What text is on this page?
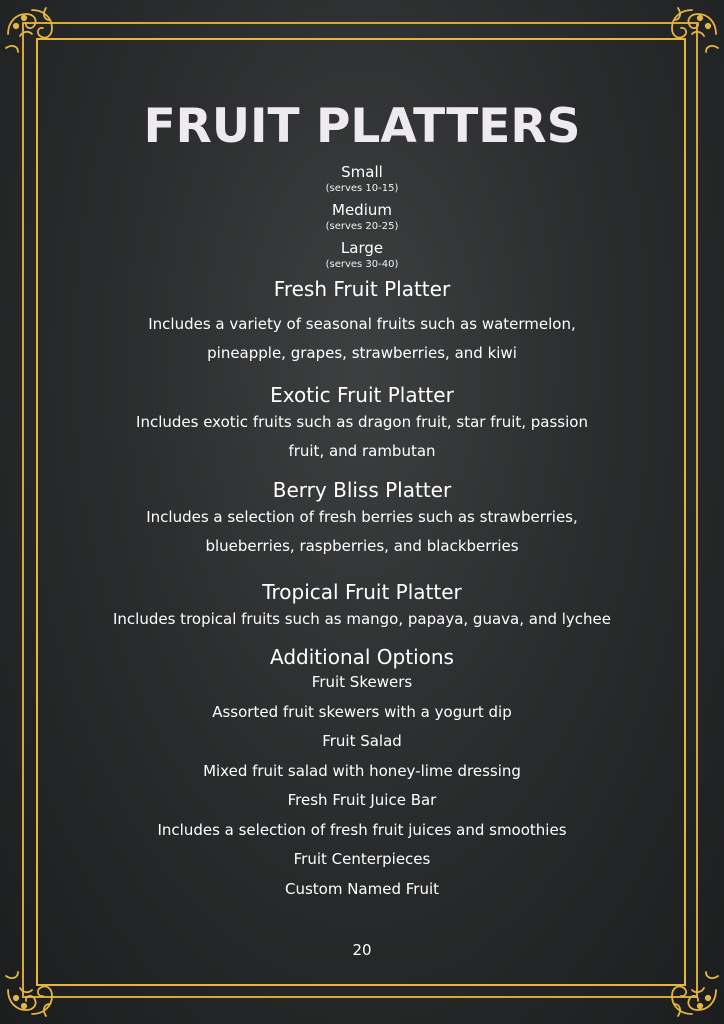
FRUIT PLATTERS
Small
(serves 10-15)
Medium
(serves 20-25)
Large
(serves 30-40)
Fresh Fruit Platter
Includes a variety of seasonal fruits such as watermelon,
pineapple, grapes, strawberries, and kiwi
Exotic Fruit Platter
Includes exotic fruits such as dragon fruit, star fruit, passion
fruit, and rambutan
Berry Bliss Platter
Includes a selection of fresh berries such as strawberries,
blueberries, raspberries, and blackberries
Tropical Fruit Platter
Includes tropical fruits such as mango, papaya, guava, and lychee
Additional Options
Fruit Skewers
Assorted fruit skewers with a yogurt dip
Fruit Salad
Mixed fruit salad with honey-lime dressing
Fresh Fruit Juice Bar
Includes a selection of fresh fruit juices and smoothies
Fruit Centerpieces
Custom Named Fruit
20
